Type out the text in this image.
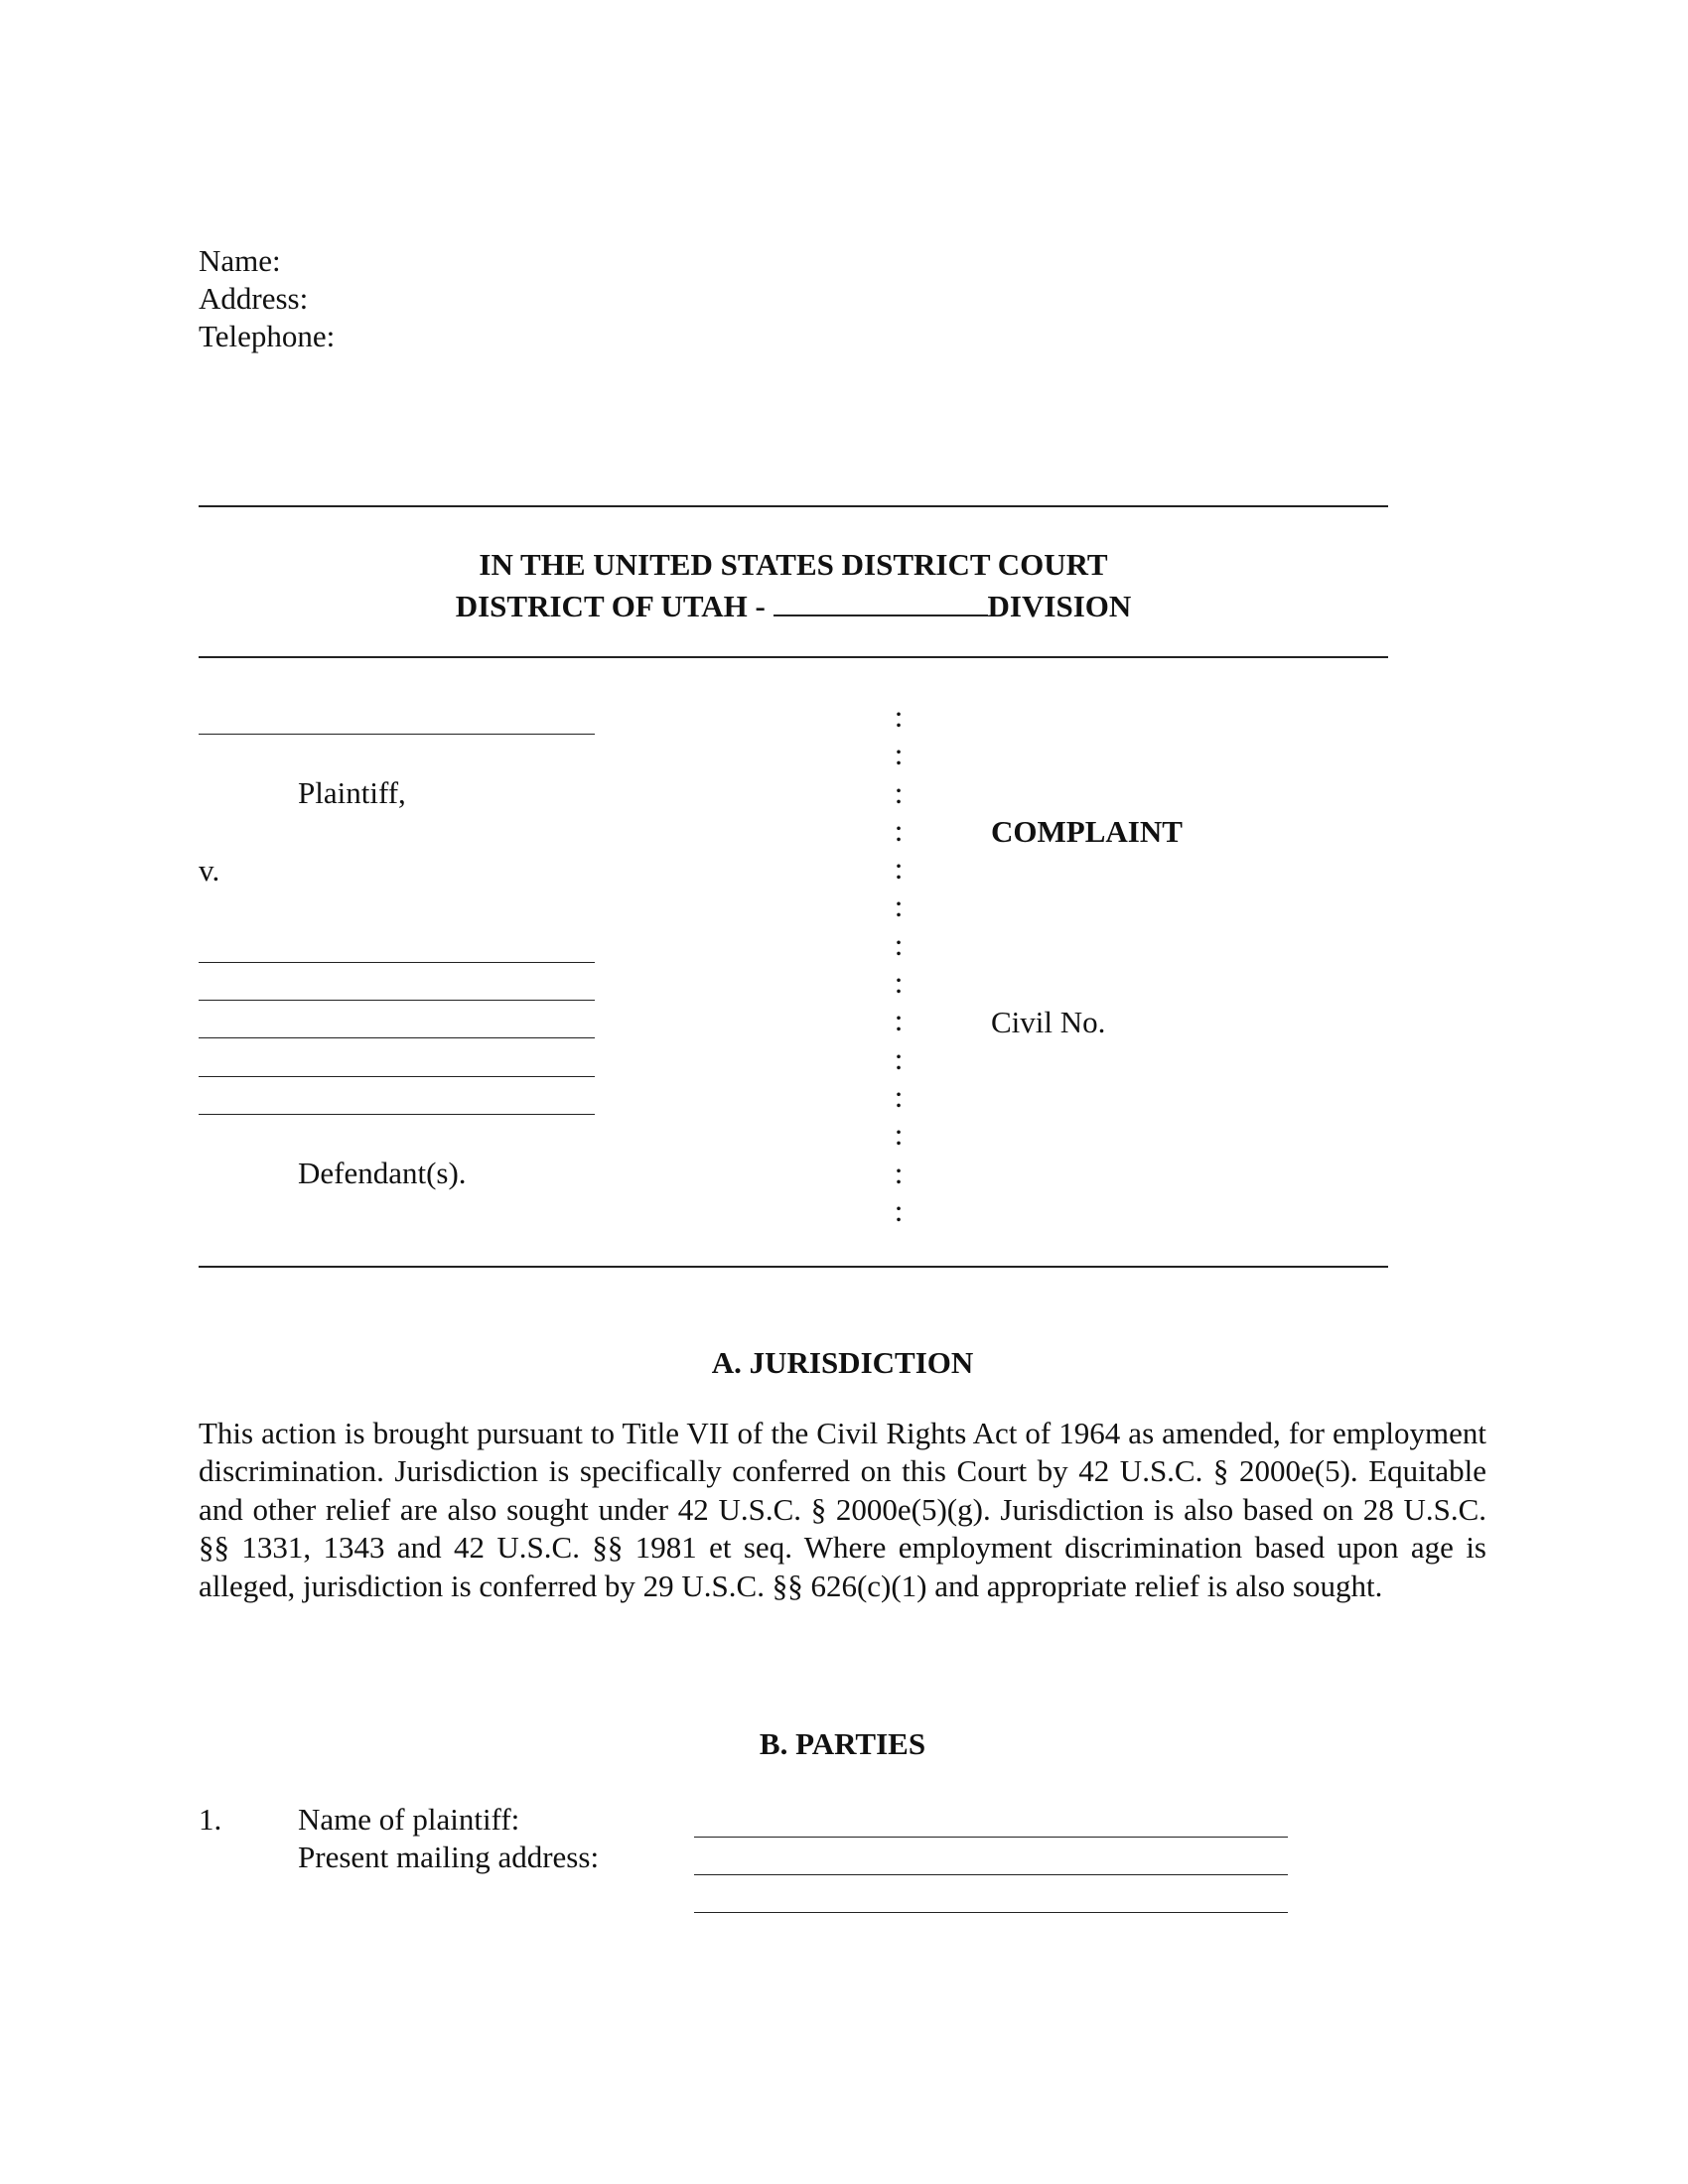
Name:
Address:
Telephone:
IN THE UNITED STATES DISTRICT COURT
DISTRICT OF UTAH -	DIVISION
Plaintiff,
v.
Defendant(s).
:
:
:
:
:
:
:
:
:
:
:
:
:
:
COMPLAINT
Civil No.
A. JURISDICTION

This action is brought pursuant to Title VII of the Civil Rights Act of 1964 as amended, for employment discrimination. Jurisdiction is specifically conferred on this Court by 42 U.S.C. § 2000e(5). Equitable and other relief are also sought under 42 U.S.C. § 2000e(5)(g). Jurisdiction is also based on 28 U.S.C. §§ 1331, 1343 and 42 U.S.C. §§ 1981 et seq. Where employment discrimination based upon age is alleged, jurisdiction is conferred by 29 U.S.C. §§ 626(c)(1) and appropriate relief is also sought.

B. PARTIES
1. Name of plaintiff:
Present mailing address:
